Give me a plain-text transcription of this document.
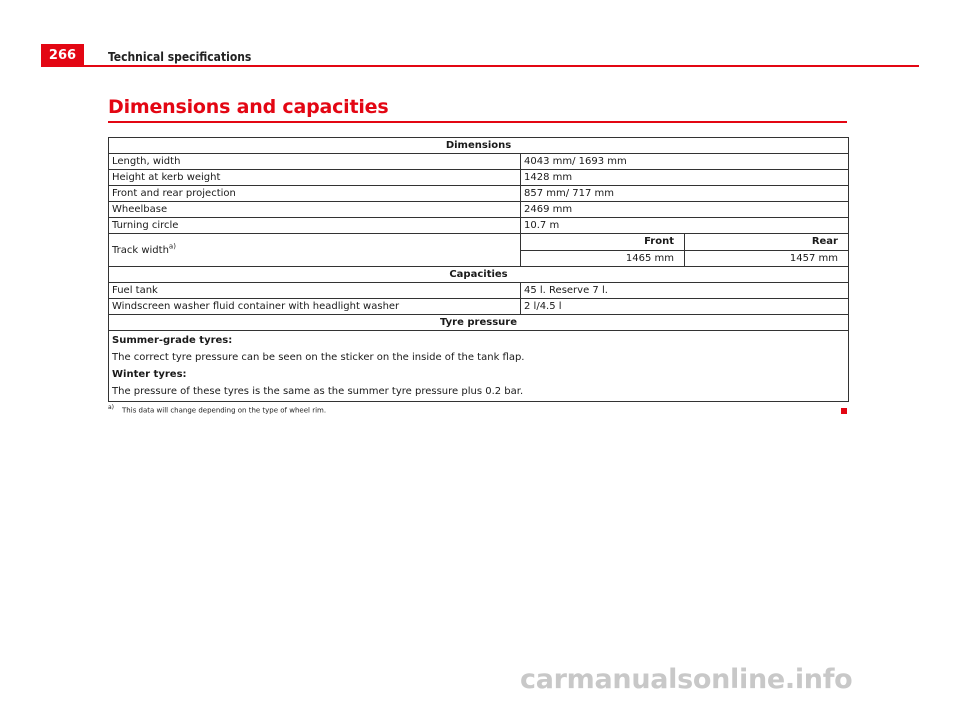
266	Technical specifications
Dimensions and capacities
Dimensions		
Length, width	4043 mm/ 1693 mm	
Height at kerb weight	1428 mm	
Front and rear projection	857 mm/ 717 mm	
Wheelbase	2469 mm	
Turning circle	10.7 m	
Track width$^{a)}$	Front	Rear
	1465 mm	1457 mm
Capacities		
Fuel tank	45 l. Reserve 7 l.	
Windscreen washer fluid container with headlight washer	2 l/4.5 l	
Tyre pressure		

Summer-grade tyres:
The correct tyre pressure can be seen on the sticker on the inside of the tank flap.
Winter tyres:
The pressure of these tyres is the same as the summer tyre pressure plus 0.2 bar.		
a) This data will change depending on the type of wheel rim.
carmanualsonline.info
